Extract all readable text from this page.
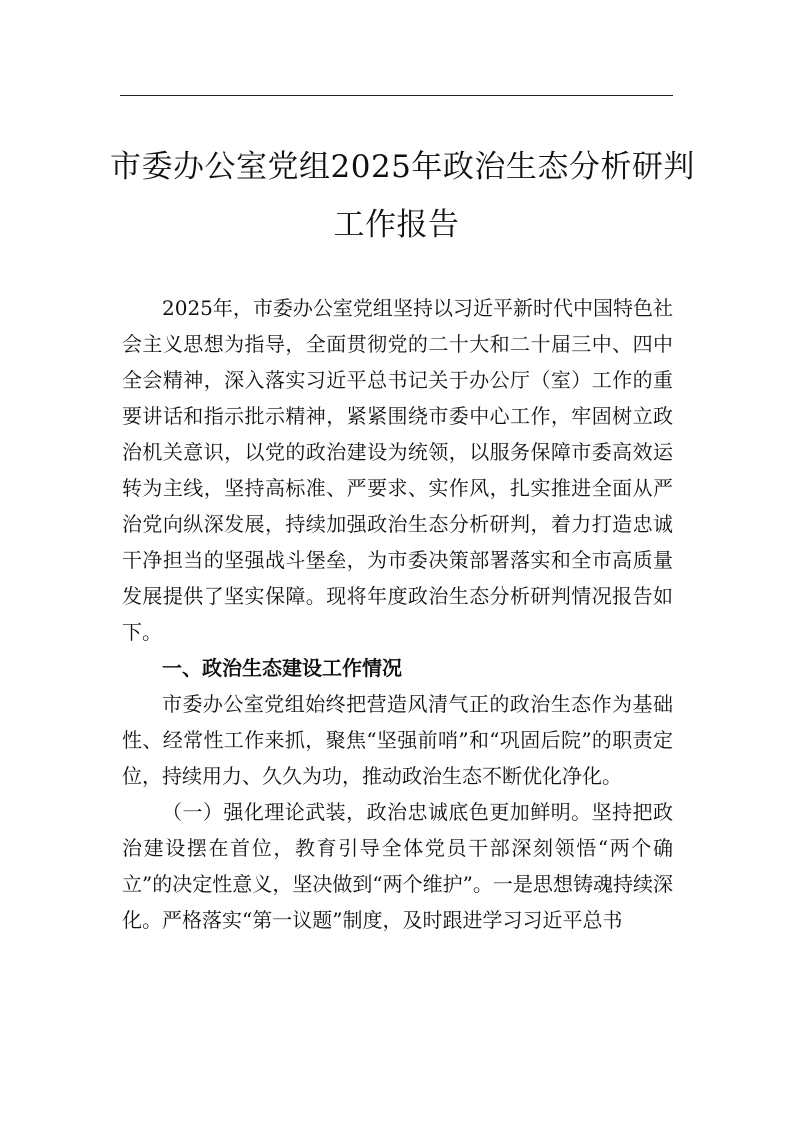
市委办公室党组2025年政治生态分析研判
工作报告

2025年，市委办公室党组坚持以习近平新时代中国特色社会主义思想为指导，全面贯彻党的二十大和二十届三中、四中全会精神，深入落实习近平总书记关于办公厅（室）工作的重要讲话和指示批示精神，紧紧围绕市委中心工作，牢固树立政治机关意识，以党的政治建设为统领，以服务保障市委高效运转为主线，坚持高标准、严要求、实作风，扎实推进全面从严治党向纵深发展，持续加强政治生态分析研判，着力打造忠诚干净担当的坚强战斗堡垒，为市委决策部署落实和全市高质量发展提供了坚实保障。现将年度政治生态分析研判情况报告如下。

一、政治生态建设工作情况

市委办公室党组始终把营造风清气正的政治生态作为基础性、经常性工作来抓，聚焦“坚强前哨”和“巩固后院”的职责定位，持续用力、久久为功，推动政治生态不断优化净化。

（一）强化理论武装，政治忠诚底色更加鲜明。坚持把政治建设摆在首位，教育引导全体党员干部深刻领悟“两个确立”的决定性意义，坚决做到“两个维护”。一是思想铸魂持续深化。严格落实“第一议题”制度，及时跟进学习习近平总书
